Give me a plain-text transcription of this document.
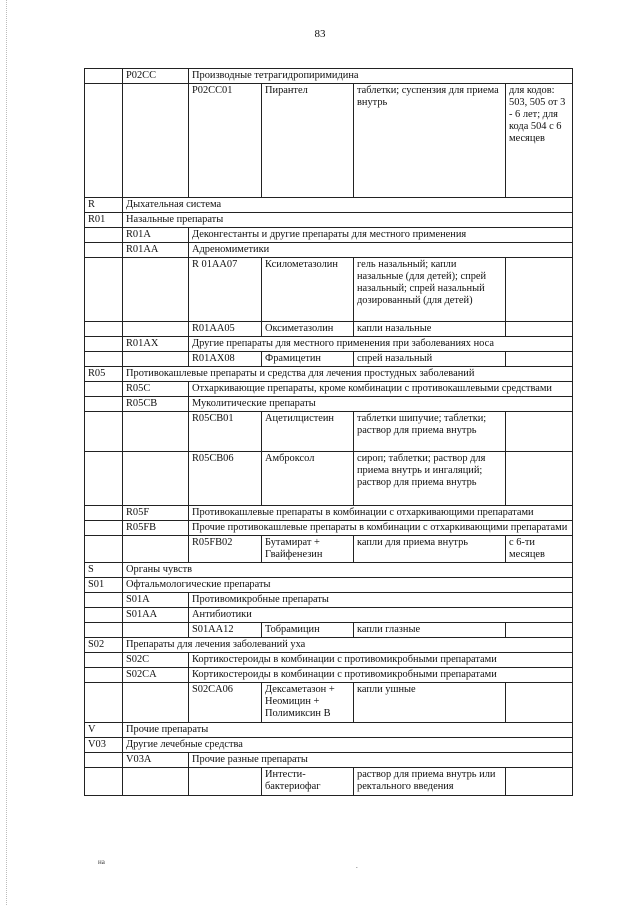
83
	P02CC	Производные тетрагидропиримидина			
		P02CC01	Пирантел	таблетки; суспензия для приема внутрь	для кодов: 503, 505 от 3 - 6 лет; для кода 504 с 6 месяцев
R	Дыхательная система				
R01	Назальные препараты				
	R01A	Деконгестанты и другие препараты для местного применения			
	R01AA	Адреномиметики			
		R 01AA07	Ксилометазолин	гель назальный; капли назальные (для детей); спрей назальный; спрей назальный дозированный (для детей)	
		R01AA05	Оксиметазолин	капли назальные	
	R01AX	Другие препараты для местного применения при заболеваниях носа			
		R01AX08	Фрамицетин	спрей назальный	
R05	Противокашлевые препараты и средства для лечения простудных заболеваний				
	R05C	Отхаркивающие препараты, кроме комбинации с противокашлевыми средствами			
	R05CB	Муколитические препараты			
		R05CB01	Ацетилцистеин	таблетки шипучие; таблетки; раствор для приема внутрь	
		R05CB06	Амброксол	сироп; таблетки; раствор для приема внутрь и ингаляций; раствор для приема внутрь	
	R05F	Противокашлевые препараты в комбинации с отхаркивающими препаратами			
	R05FB	Прочие противокашлевые препараты в комбинации с отхаркивающими препаратами			
		R05FB02	Бутамират + Гвайфенезин	капли для приема внутрь	с 6-ти месяцев
S	Органы чувств				
S01	Офтальмологические препараты				
	S01A	Противомикробные препараты			
	S01AA	Антибиотики			
		S01AA12	Тобрамицин	капли глазные	
S02	Препараты для лечения заболеваний уха				
	S02C	Кортикостероиды в комбинации с противомикробными препаратами			
	S02CA	Кортикостероиды в комбинации с противомикробными препаратами			
		S02CA06	Дексаметазон + Неомицин + Полимиксин В	капли ушные	
V	Прочие препараты				
V03	Другие лечебные средства				
	V03A	Прочие разные препараты			
			Интести-бактериофаг	раствор для приема внутрь или ректального введения	
на	.
